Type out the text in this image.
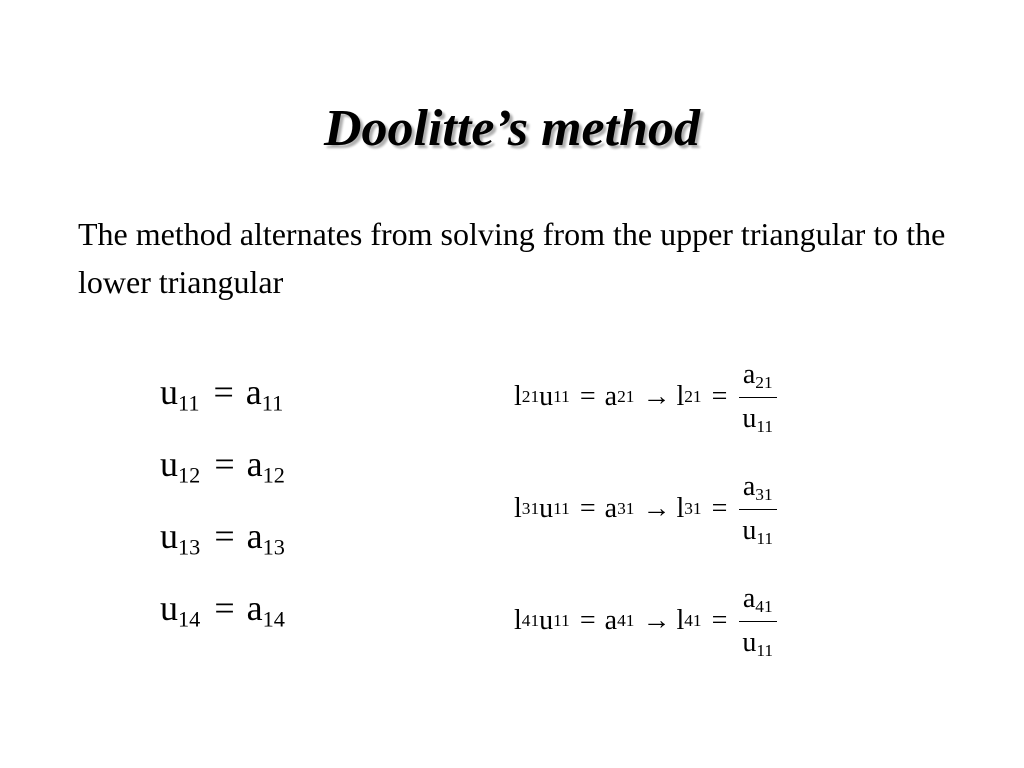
Doolitte’s method
The method alternates from solving from the upper triangular to the lower triangular
$u_{11} = a_{11}$
$u_{12} = a_{12}$
$u_{13} = a_{13}$
$u_{14} = a_{14}$
l 21 u 11 = a 21 → l $21 = \frac{a_{21}}{u_{11}}$
l 31 u 11 = a 31 → l $31 = \frac{a_{31}}{u_{11}}$
l 41 u 11 = a 41 → l $41 = \frac{a_{41}}{u_{11}}$
